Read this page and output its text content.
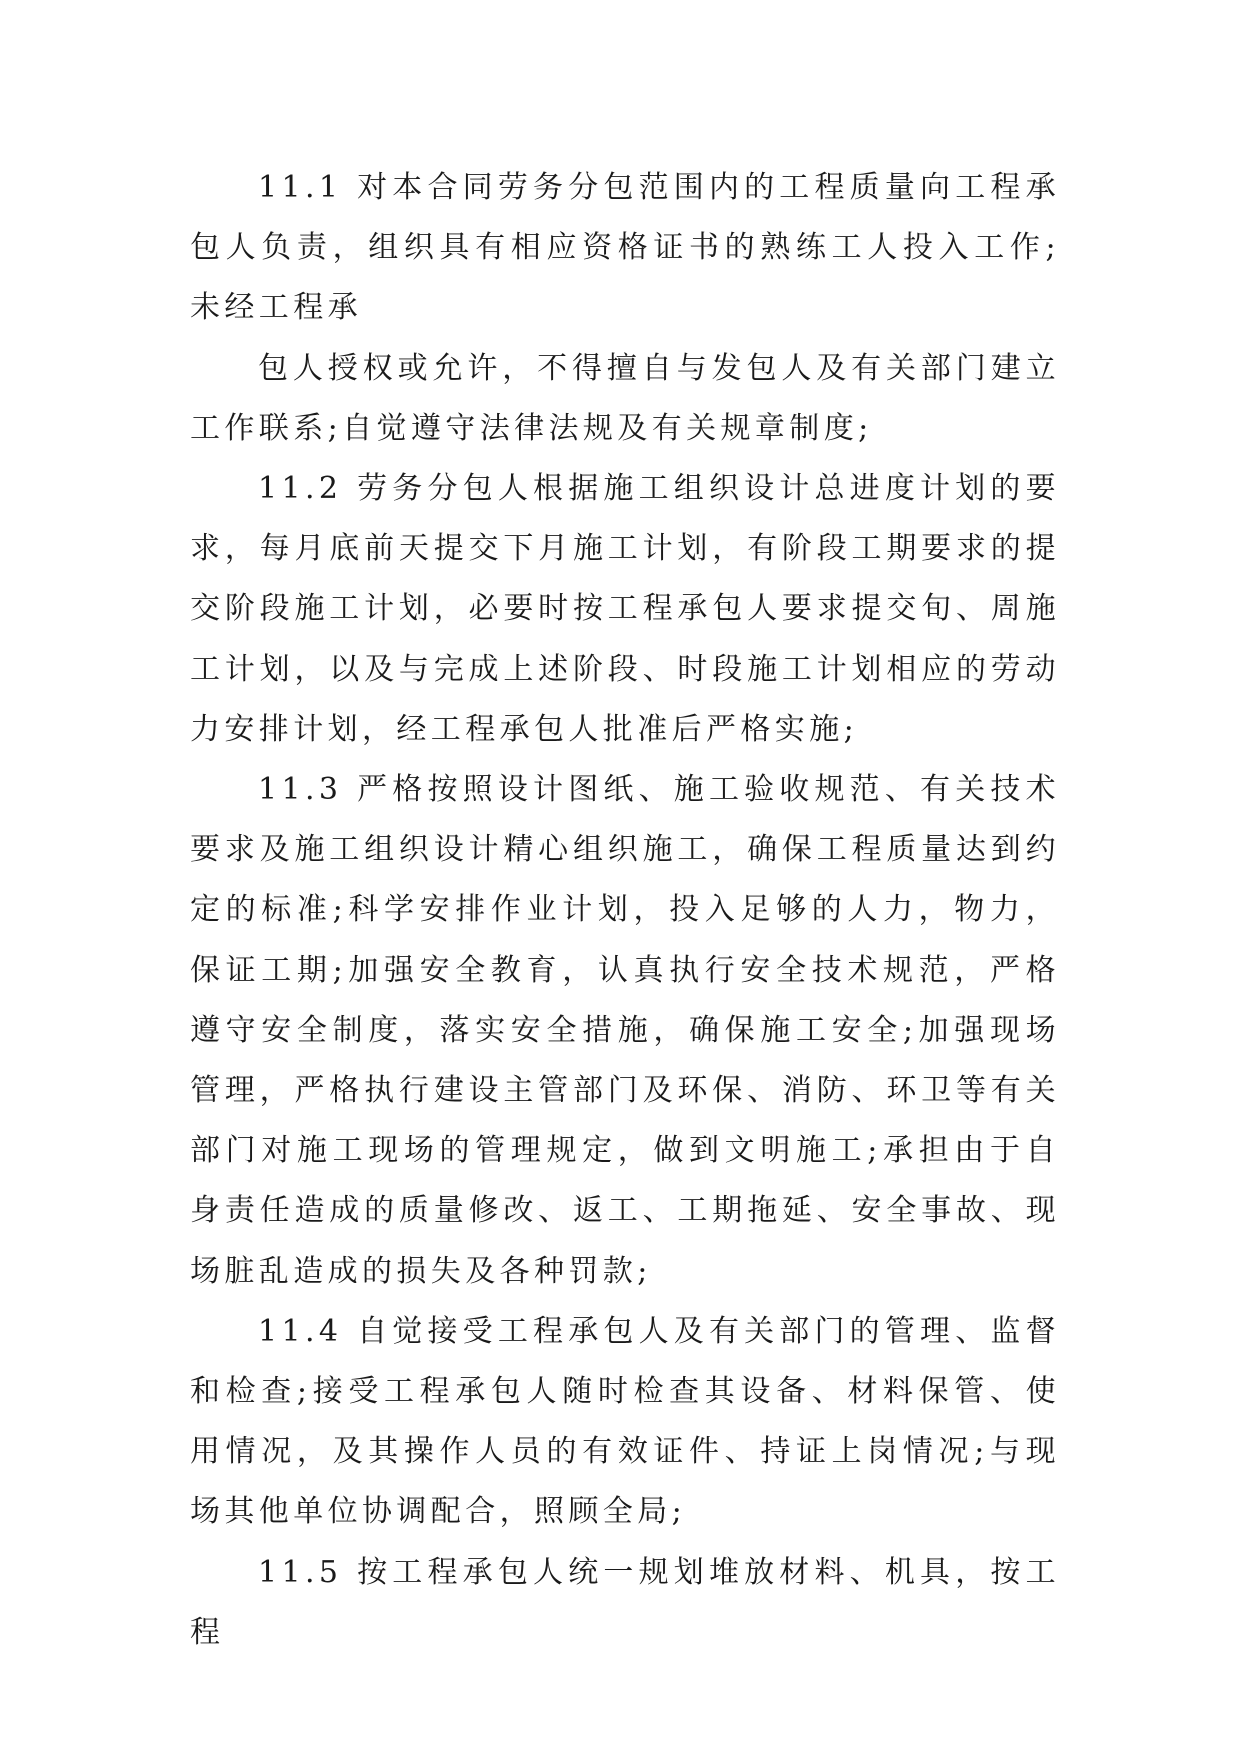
11.1 对本合同劳务分包范围内的工程质量向工程承包人负责，组织具有相应资格证书的熟练工人投入工作;未经工程承

包人授权或允许，不得擅自与发包人及有关部门建立工作联系;自觉遵守法律法规及有关规章制度;

11.2 劳务分包人根据施工组织设计总进度计划的要求，每月底前天提交下月施工计划，有阶段工期要求的提交阶段施工计划，必要时按工程承包人要求提交旬、周施工计划，以及与完成上述阶段、时段施工计划相应的劳动力安排计划，经工程承包人批准后严格实施;

11.3 严格按照设计图纸、施工验收规范、有关技术要求及施工组织设计精心组织施工，确保工程质量达到约定的标准;科学安排作业计划，投入足够的人力，物力，保证工期;加强安全教育，认真执行安全技术规范，严格遵守安全制度，落实安全措施，确保施工安全;加强现场管理，严格执行建设主管部门及环保、消防、环卫等有关部门对施工现场的管理规定，做到文明施工;承担由于自身责任造成的质量修改、返工、工期拖延、安全事故、现场脏乱造成的损失及各种罚款;

11.4 自觉接受工程承包人及有关部门的管理、监督和检查;接受工程承包人随时检查其设备、材料保管、使用情况，及其操作人员的有效证件、持证上岗情况;与现场其他单位协调配合，照顾全局;

11.5 按工程承包人统一规划堆放材料、机具，按工程
